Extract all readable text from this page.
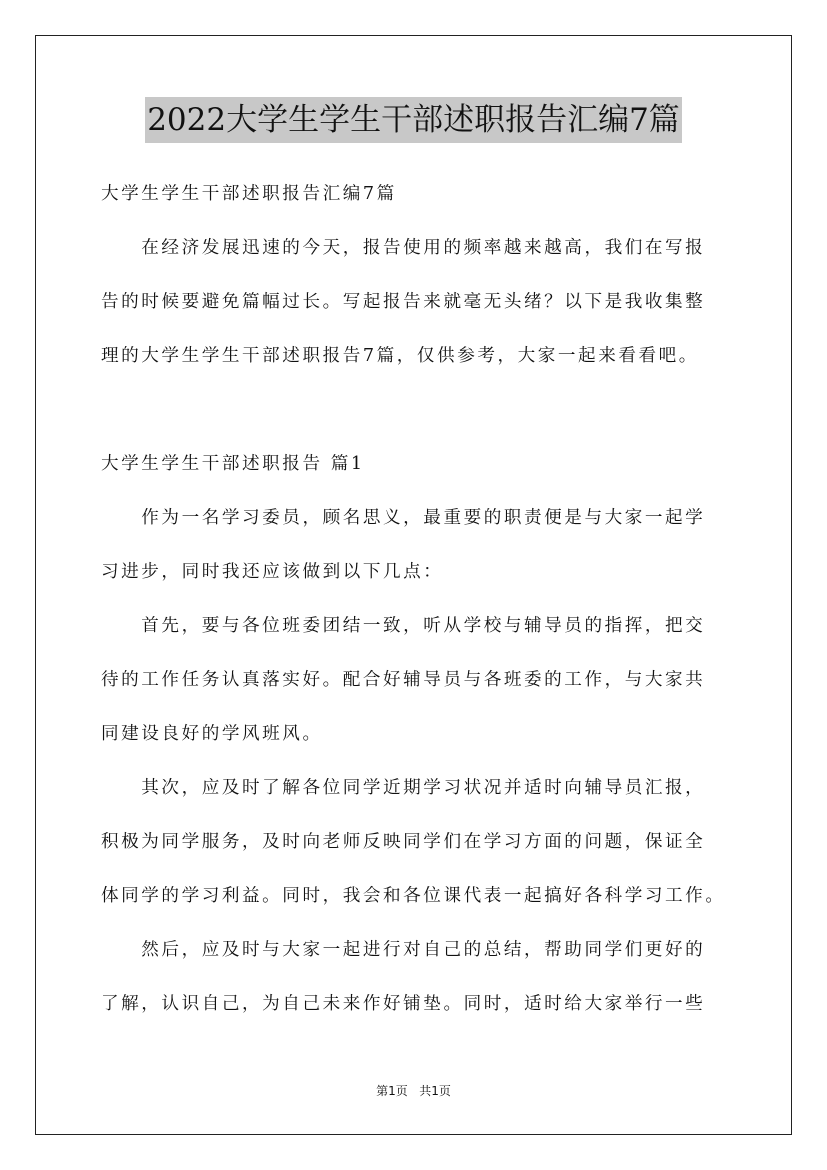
2022大学生学生干部述职报告汇编7篇
大学生学生干部述职报告汇编7篇
　　在经济发展迅速的今天，报告使用的频率越来越高，我们在写报
告的时候要避免篇幅过长。写起报告来就毫无头绪？以下是我收集整
理的大学生学生干部述职报告7篇，仅供参考，大家一起来看看吧。
大学生学生干部述职报告 篇1
　　作为一名学习委员，顾名思义，最重要的职责便是与大家一起学
习进步，同时我还应该做到以下几点：
　　首先，要与各位班委团结一致，听从学校与辅导员的指挥，把交
待的工作任务认真落实好。配合好辅导员与各班委的工作，与大家共
同建设良好的学风班风。
　　其次，应及时了解各位同学近期学习状况并适时向辅导员汇报，
积极为同学服务，及时向老师反映同学们在学习方面的问题，保证全
体同学的学习利益。同时，我会和各位课代表一起搞好各科学习工作。
　　然后，应及时与大家一起进行对自己的总结，帮助同学们更好的
了解，认识自己，为自己未来作好铺垫。同时，适时给大家举行一些
第1页 共1页
